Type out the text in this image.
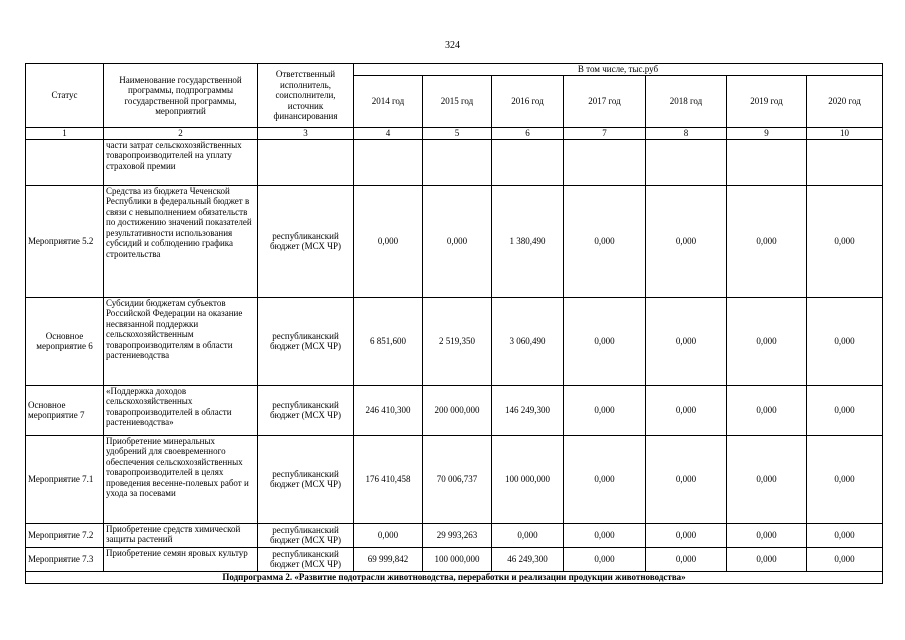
324
Статус	Наименование государственной программы, подпрограммы государственной программы, мероприятий	Ответственный исполнитель, соисполнители, источник финансирования	В том числе, тыс.руб						
			2014 год	2015 год	2016 год	2017 год	2018 год	2019 год	2020 год
1	2	3	4	5	6	7	8	9	10
	части затрат сельскохозяйственных товаропроизводителей на уплату страховой премии								
Мероприятие 5.2	Средства из бюджета Чеченской Республики в федеральный бюджет в связи с невыполнением обязательств по достижению значений показателей результативности использования субсидий и соблюдению графика строительства	республиканский бюджет (МСХ ЧР)	0,000	0,000	1 380,490	0,000	0,000	0,000	0,000
Основное мероприятие 6	Субсидии бюджетам субъектов Российской Федерации на оказание несвязанной поддержки сельскохозяйственным товаропроизводителям в области растениеводства	республиканский бюджет (МСХ ЧР)	6 851,600	2 519,350	3 060,490	0,000	0,000	0,000	0,000
Основное мероприятие 7	«Поддержка доходов сельскохозяйственных товаропроизводителей в области растениеводства»	республиканский бюджет (МСХ ЧР)	246 410,300	200 000,000	146 249,300	0,000	0,000	0,000	0,000
Мероприятие 7.1	Приобретение минеральных удобрений для своевременного обеспечения сельскохозяйственных товаропроизводителей в целях проведения весенне-полевых работ и ухода за посевами	республиканский бюджет (МСХ ЧР)	176 410,458	70 006,737	100 000,000	0,000	0,000	0,000	0,000
Мероприятие 7.2	Приобретение средств химической защиты растений	республиканский бюджет (МСХ ЧР)	0,000	29 993,263	0,000	0,000	0,000	0,000	0,000
Мероприятие 7.3	Приобретение семян яровых культур	республиканский бюджет (МСХ ЧР)	69 999,842	100 000,000	46 249,300	0,000	0,000	0,000	0,000
Подпрограмма 2. «Развитие подотрасли животноводства, переработки и реализации продукции животноводства»									
